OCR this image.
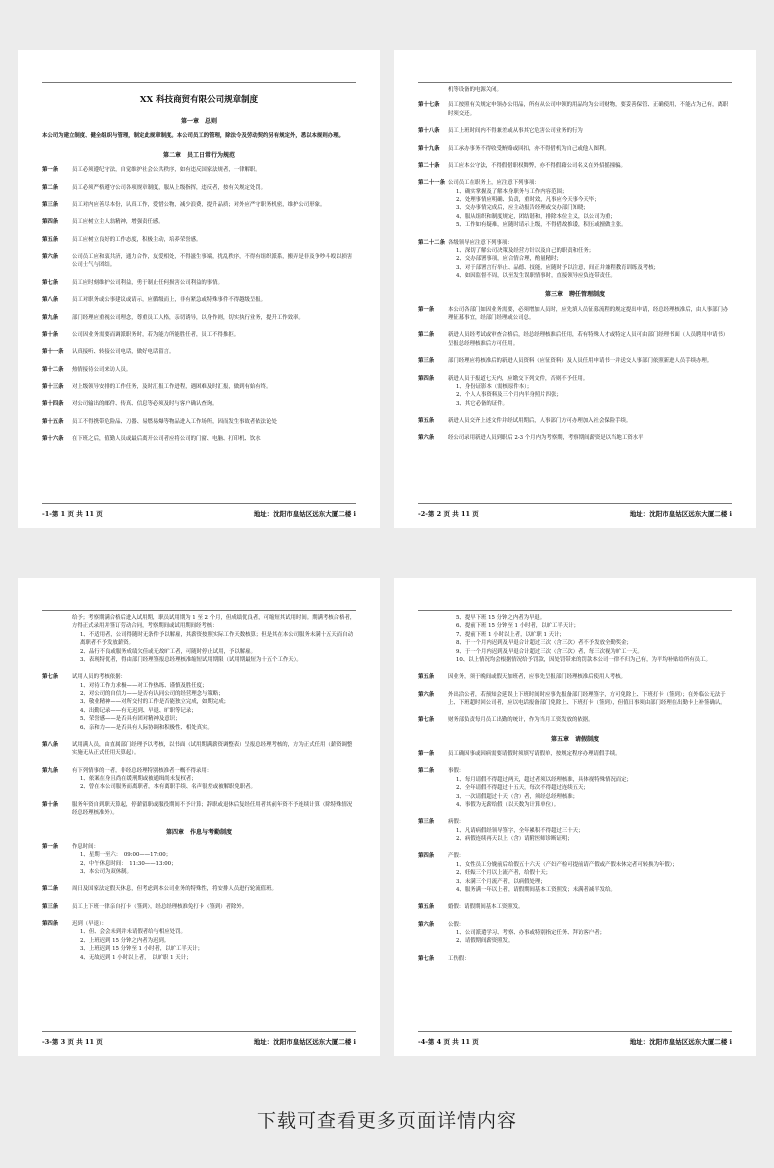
XX 科技商贸有限公司规章制度
第一章　总则
本公司为建立制度、健全组织与管理，制定此规章制度。本公司员工的管理，除法令及劳动契约另有规定外，悉以本规则办理。
第二章　员工日常行为规范
第一条	员工必须遵纪守法，自觉维护社会公共秩序，如有违反国家法规者，一律解职。
第二条	员工必须严格遵守公司各项规章制度，服从上级指挥，违反者，按有关规定处罚。
第三条	员工对内应善尽本份，认真工作，爱惜公物，减少浪费，提升品质；对外应严守职务机密，维护公司形象。
第四条	员工应树立主人翁精神，增强责任感。
第五条	员工应树立良好的工作态度，积极主动，培养荣誉感。
第六条	公司员工应和衷共济，通力合作，友爱相处，不得滋生事端，扰乱秩序，不得有组织派系，搬弄是非及争吵斗殴以损害公司士气与团结。
第七条	员工应时刻维护公司利益，勇于制止任何损害公司利益的事情。
第八条	员工对职务或公事建议或请示，应循级而上，非有紧急或特殊事件不得越级呈报。
第九条	部门经理应重视公司理念，尊重员工人格，亲切诱导，以身作则，切实执行业务，提升工作效率。
第十条	公司因业务需要而调派职务时，若为能力所能胜任者，员工不得推拒。
第十一条	认真接听、转接公司电话，做好电话留言。
第十二条	热情接待公司来访人员。
第十三条	对上级领导安排的工作任务，及时汇报工作进程，遇困难及时汇报，做到有始有终。
第十四条	对公司输出的邮件、传真、信息等必须及时与客户确认查询。
第十五条	员工不得携带危险品、刀器、易燃易爆等物品进入工作场所，因而发生事故者依法论处
第十六条	在下班之后，值勤人员或最后离开公司者应将公司的门窗、电脑、打印机、饮水
-1-第 1 页 共 11 页	地址：沈阳市皇姑区远东大厦二楼 i
机等设备的电源关闭。
第十七条	员工按照有关规定申领办公用品，所有从公司申领的用品均为公司财物，要妥善保管、正确使用，不能占为己有，离职时须交还。
第十八条	员工上班时间内不得兼差或从事其它危害公司业务的行为
第十九条	员工承办事务不得收受贿赂或回扣，亦不得借机为自己或他人图利。
第二十条	员工应本公守法，不得假借职权舞弊，亦不得假藉公司名义在外招摇撞骗。
第二十一条 公司员工在职务上，应注意下列事项：
1、确实掌握及了解本身职务与工作内容范围；
2、处理事情应明确、负责，重时效，凡事应今天事今天毕；
3、交办事情完成后，应主动报告经理或交办部门知晓；
4、服从组织和制度规定，团结谐和，排除本位主义，以公司为重；
5、工作如有疑难，应随时请示上级，不得借故推诿，积压或擅做主张。
第二十二条 各级领导应注意下列事项：
1、深切了解公司决策及经营方针以及自己的职责和任务；
2、交办部署事项，应合情合理，酌量精时；
3、对于部署言行举止、品德、技能，应随时予以注意，间正并兼程教育训练及考核；
4、如因监督不周，以至发生误职情事时，直接领导应负连带责任。
第三章　聘任管理制度
第一条	本公司各部门如因业务需要，必须增加人员时，应先填人员征募流程的规定提出申请，经总经理核准后，由人事部门办理征募事宜，经部门经理或公司总。
第二条	新进人员经考试或审查合格后，经总经理核准后任用，若有特殊人才或特定人员可由部门经理书面（人员聘用申请书）呈报总经理核准后方可任用。
第三条	部门经理应将核准后的新进人员资料（应征资料）及人员任用申请书一并送交人事部门依照新进人员手续办理。
第四条	新进人员于报道七天内，应缴交下列文件，否则不予任用。
1、身份证影本（需核原件本）；
2、个人人事资料及三个月内半身照片四张；
3、其它必备的证件。
第五条	新进人员交齐上述文件并经试用期后，人事部门方可办理加入社会保险手续。
第六条	经公司录用新进人员到职后 2-3 个月内为考察期，考察期间薪资是以当地工资水平
-2-第 2 页 共 11 页	地址：沈阳市皇姑区远东大厦二楼 i
给予；考察期满合格后进入试用期，职员试用期为 1 至 2 个月，但成绩优良者，可缩短其试用时间。期满考核合格者，方得正式录用并签订劳动合同，考察期间或试用期间经考核：
1、不适用者，公司得随时无条件予以解雇，其薪资按照实际工作天数核算；但是其在本公司服务未满十五天而自动离职者不予发放薪资。
2、品行不良或服务成绩欠佳或无故旷工者，可随时停止试用，予以解雇。
3、表现特优者，得由部门经理签报总经理核准缩短试用期限（试用期最短为十五个工作天）。
第七条	试用人员的考核依据：
1、对待工作力求极——对工作热练、谨慎及胜任度；
2、对公司的自信力——是否有认同公司的经营理念与策略；
3、敬业精神——对所交付的工作是否能独立完成，如期完成；
4、出勤记录——有无迟到、早退、旷职等记录；
5、荣誉感——是否具有团对精神及意识；
6、亲和力——是否具有人际协调和积极性、相处真实。
第八条	试用满人员，由直属部门经理予以考核，以书面（试用期满薪资调整表）呈报总经理考核的，方为正式任用（薪资调整实施无从正式任用天算起）。
第九条	有下列情事的一者，非经总经理特别核准者一概不得录用：
1、依案在身且尚在缓刑期或被通缉尚未复权者；
2、曾在本公司服务而离职者，本有离职手续、名声很差或被解职免职者。
第十条	服务年资自到职天算起，停薪留职或服役期间不予计算；辞职或退休后复经任用者其前年资不予连续计算（除特殊情况经总经理核准外）。
第四章　作息与考勤制度
第一条	作息时间：
1、星期一至六：　09:00——17:00；
2、中午休息时间：　11:30——13:00；
3、本公司为双休制。
第二条	周日及国家法定假天休息，但考虑到本公司业务的特殊性，将安排人员进行轮流值班。
第三条	员工上下班一律亲自打卡（签到），经总经理核准免打卡（签到）者除外。
第四条	迟到（早退）：
1、但、会会未到并未请假者给与相应处罚。
2、上班迟到 15 分钟之内者为迟到。
3、上班迟到 15 分钟至 1 小时者，以旷工半天计；
4、无故迟到 1 小时以上者，　以旷职 1 天计；
-3-第 3 页 共 11 页	地址：沈阳市皇姑区远东大厦二楼 i
5、提早下班 15 分钟之内者为早退。
6、提前下班 15 分钟至 1 小时者，以旷工半天计；
7、提前下班 1 小时以上者，以旷职 1 天计；
8、于一个月内迟到及早退合计超过三次（含三次）者不予发放全勤奖金；
9、于一个月内迟到及早退合计超过三次（含三次）者，每三次视为旷工一天。
10、以上情况均会根据情况给予罚款，因处罚带来的罚款本公司一律不归为己有，为平均补贴给所有员工。
第五条	因业务，须于晚间或假天加班者，应事先呈报部门经理核准后使用人考核。
第六条	外出洽公者，若预知会延误上下班时间时应事先报备部门经理签字，方可免除上、下班打卡（签到）；在外临公无法于上、下班超时回公司者，应以电话报备部门免除上、下班打卡（签到），但值日事须由部门经理在出勤卡上补签确认。
第七条	财务部负责每月员工出勤的统计，作为当月工资发放的依据。
第五章　请假制度
第一条	员工确因事或因病需要请假时须填写请假单，按规定程序办理请假手续。
第二条	事假：
1、每月请假不得超过两天，超过者须以经理核准，具体视特殊情况而定；
2、全年请假不得超过十五天，每次不得超过连续五天；
3、一次请假超过十天（含）者，须经总经理核准；
4、事假为无薪给假（以天数为计算单位）。
第三条	病假：
1、凡请病假经领导签字，全年累积不得超过三十天；
2、病假连续再天以上（含）请附医师诊断证明；
第四条	产假：
1、女性员工分娩前后给假五十六天（产妇产检可提前请产假或产假未休完者可转换为年假）；
2、妊娠三个月以上流产者，给假十天；
3、未满三个月流产者，以病假处理；
4、服务满一年以上者，请假期间基本工资照发；未满者减半发给。
第五条	婚假：请假期间基本工资照发。
第六条	公假：
1、公司派遣学习、考察、办事或特别指定任务、拜访客户者；
2、请假期间薪资照发。
第七条	工伤假：
-4-第 4 页 共 11 页	地址：沈阳市皇姑区远东大厦二楼 i
下载可查看更多页面详情内容
